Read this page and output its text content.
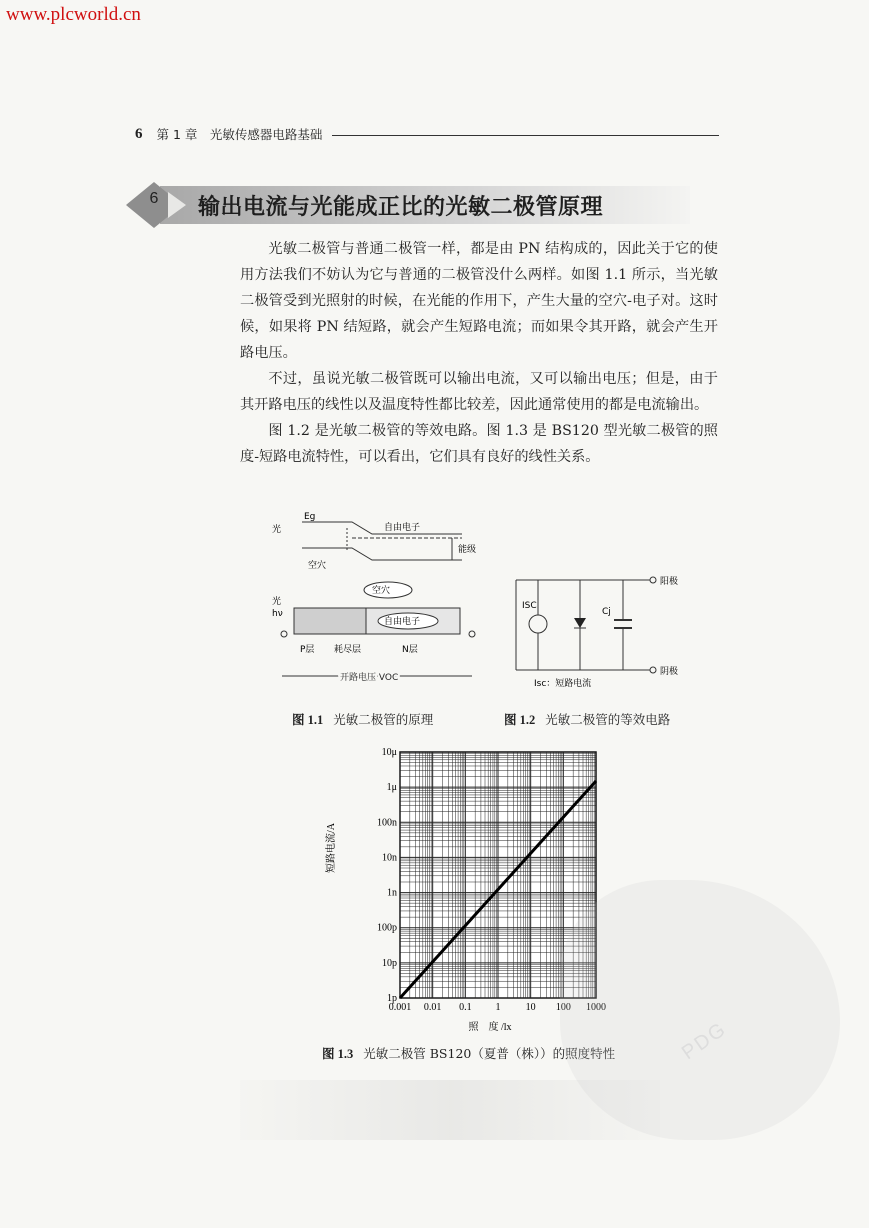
www.plcworld.cn
6 第 1 章　光敏传感器电路基础
6 输出电流与光能成正比的光敏二极管原理

光敏二极管与普通二极管一样，都是由 PN 结构成的，因此关于它的使用方法我们不妨认为它与普通的二极管没什么两样。如图 1.1 所示，当光敏二极管受到光照射的时候，在光能的作用下，产生大量的空穴-电子对。这时候，如果将 PN 结短路，就会产生短路电流；而如果令其开路，就会产生开路电压。

不过，虽说光敏二极管既可以输出电流，又可以输出电压；但是，由于其开路电压的线性以及温度特性都比较差，因此通常使用的都是电流输出。

图 1.2 是光敏二极管的等效电路。图 1.3 是 BS120 型光敏二极管的照度-短路电流特性，可以看出，它们具有良好的线性关系。

Eg
光	自由电子
空穴
能级
光
hν
空穴
自由电子
P层 耗尽层	N层
开路电压 VOC
阳极
阴极
ISC
Cj
Isc：短路电流
图 1.1 光敏二极管的原理	图 1.2 光敏二极管的等效电路
0.001 0.01 0.1 1	10 100 1000
1p
10p
100p
1n
10n
100n
1μ
10μ
照　度 /lx
短路电流/A
图 1.3 光敏二极管 BS120（夏普（株））的照度特性	PDG
